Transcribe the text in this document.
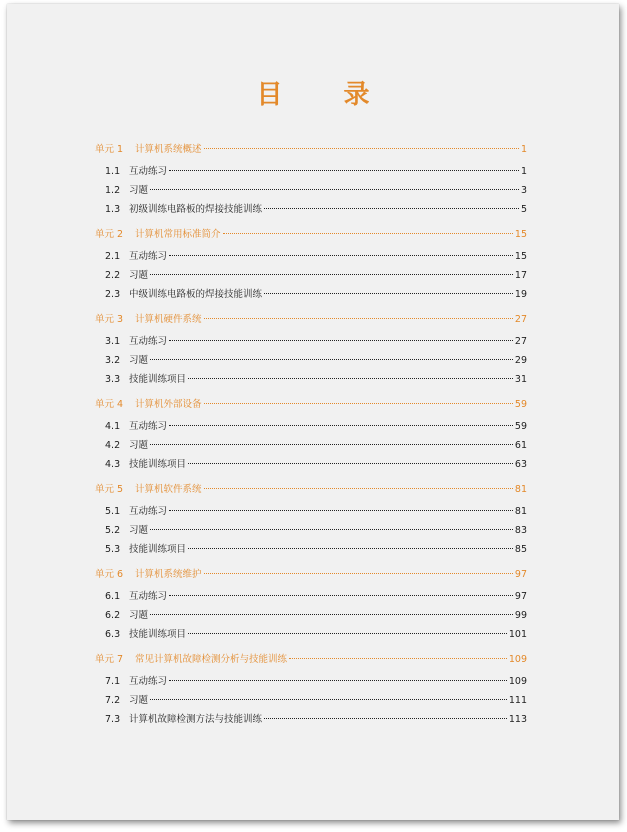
目 录
单元 1	计算机系统概述	1
1.1 互动练习	1
1.2 习题	3
1.3 初级训练电路板的焊接技能训练	5
单元 2	计算机常用标准简介	15
2.1 互动练习	15
2.2 习题	17
2.3 中级训练电路板的焊接技能训练	19
单元 3	计算机硬件系统	27
3.1 互动练习	27
3.2 习题	29
3.3 技能训练项目	31
单元 4	计算机外部设备	59
4.1 互动练习	59
4.2 习题	61
4.3 技能训练项目	63
单元 5	计算机软件系统	81
5.1 互动练习	81
5.2 习题	83
5.3 技能训练项目	85
单元 6	计算机系统维护	97
6.1 互动练习	97
6.2 习题	99
6.3 技能训练项目	101
单元 7	常见计算机故障检测分析与技能训练	109
7.1 互动练习	109
7.2 习题	111
7.3 计算机故障检测方法与技能训练	113
